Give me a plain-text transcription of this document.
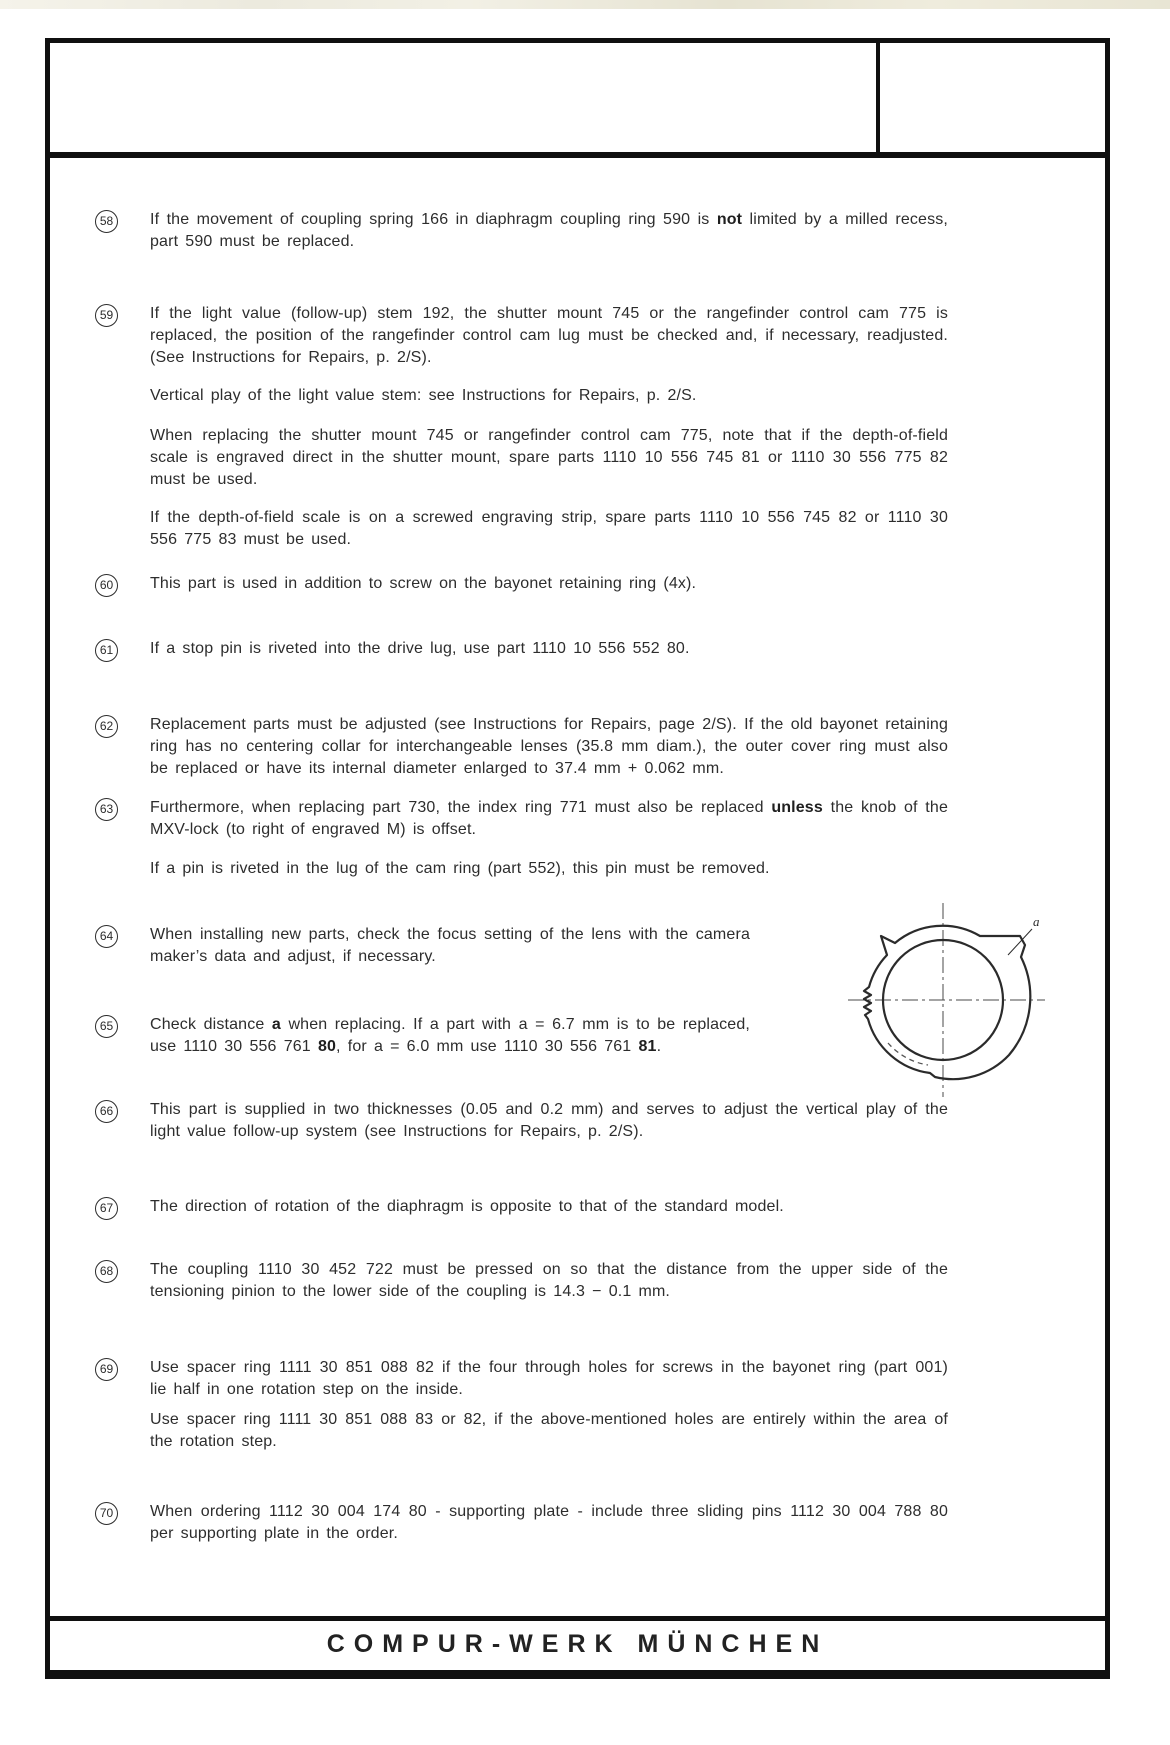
58	If the movement of coupling spring 166 in diaphragm coupling ring 590 is not limited by a milled recess, part 590 must be replaced.

59	If the light value (follow-up) stem 192, the shutter mount 745 or the rangefinder control cam 775 is replaced, the position of the rangefinder control cam lug must be checked and, if necessary, readjusted. (See Instructions for Repairs, p. 2/S).

Vertical play of the light value stem: see Instructions for Repairs, p. 2/S.

When replacing the shutter mount 745 or rangefinder control cam 775, note that if the depth-of-field scale is engraved direct in the shutter mount, spare parts 1110 10 556 745 81 or 1110 30 556 775 82 must be used.

If the depth-of-field scale is on a screwed engraving strip, spare parts 1110 10 556 745 82 or 1110 30 556 775 83 must be used.

60	This part is used in addition to screw on the bayonet retaining ring (4x).

61	If a stop pin is riveted into the drive lug, use part 1110 10 556 552 80.

62	Replacement parts must be adjusted (see Instructions for Repairs, page 2/S). If the old bayonet retaining ring has no centering collar for interchangeable lenses (35.8 mm diam.), the outer cover ring must also be replaced or have its internal diameter enlarged to 37.4 mm + 0.062 mm.

63	Furthermore, when replacing part 730, the index ring 771 must also be replaced unless the knob of the MXV-lock (to right of engraved M) is offset.

If a pin is riveted in the lug of the cam ring (part 552), this pin must be removed.

64	When installing new parts, check the focus setting of the lens with the camera maker’s data and adjust, if necessary.

65	Check distance a when replacing. If a part with a = 6.7 mm is to be replaced, use 1110 30 556 761 80, for a = 6.0 mm use 1110 30 556 761 81.

66	This part is supplied in two thicknesses (0.05 and 0.2 mm) and serves to adjust the vertical play of the light value follow-up system (see Instructions for Repairs, p. 2/S).

67	The direction of rotation of the diaphragm is opposite to that of the standard model.

68	The coupling 1110 30 452 722 must be pressed on so that the distance from the upper side of the tensioning pinion to the lower side of the coupling is 14.3 − 0.1 mm.

69	Use spacer ring 1111 30 851 088 82 if the four through holes for screws in the bayonet ring (part 001) lie half in one rotation step on the inside.

Use spacer ring 1111 30 851 088 83 or 82, if the above-mentioned holes are entirely within the area of the rotation step.

70	When ordering 1112 30 004 174 80 - supporting plate - include three sliding pins 1112 30 004 788 80 per supporting plate in the order.

a
COMPUR-WERK MÜNCHEN
